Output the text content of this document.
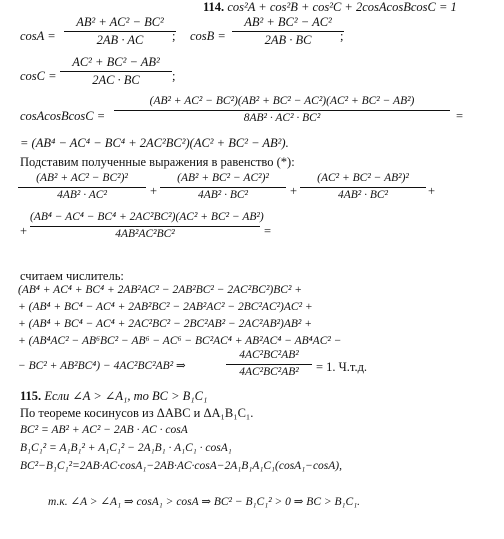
114. cos²A + cos²B + cos²C + 2cosAcosBcosC = 1
cosA =
AB² + AC² − BC²
2AB · AC	; cosB =
AB² + BC² − AC²
2AB · BC	;
cosC =
AC² + BC² − AB²
2AC · BC	;
cosAcosBcosC =
(AB² + AC² − BC²)(AB² + BC² − AC²)(AC² + BC² − AB²)
8AB² · AC² · BC²	=
= (AB⁴ − AC⁴ − BC⁴ + 2AC²BC²)(AC² + BC² − AB²).
Подставим полученные выражения в равенство (*):
(AB² + AC² − BC²)²
4AB² · AC²	+
(AB² + BC² − AC²)²
4AB² · BC²	+
(AC² + BC² − AB²)²
4AB² · BC²	+
+
(AB⁴ − AC⁴ − BC⁴ + 2AC²BC²)(AC² + BC² − AB²)
4AB²AC²BC²	=
считаем числитель:
(AB⁴ + AC⁴ + BC⁴ + 2AB²AC² − 2AB²BC² − 2AC²BC²)BC² +
+ (AB⁴ + BC⁴ − AC⁴ + 2AB²BC² − 2AB²AC² − 2BC²AC²)AC² +
+ (AB⁴ + BC⁴ − AC⁴ + 2AC²BC² − 2BC²AB² − 2AC²AB²)AB² +
+ (AB⁴AC² − AB⁶BC² − AB⁶ − AC⁶ − BC²AC⁴ + AB²AC⁴ − AB⁴AC² −
− BC² + AB²BC⁴) − 4AC²BC²AB² ⇒
4AC²BC²AB²
4AC²BC²AB²	= 1. Ч.т.д.
115. Если ∠A > ∠A₁, то BC > B₁C₁
По теореме косинусов из ΔABC и ΔA₁B₁C₁.
BC² = AB² + AC² − 2AB · AC · cosA
B₁C₁² = A₁B₁² + A₁C₁² − 2A₁B₁ · A₁C₁ · cosA₁
BC²−B₁C₁²=2AB·AC·cosA₁−2AB·AC·cosA−2A₁B₁A₁C₁(cosA₁−cosA),
т.к. ∠A > ∠A₁ ⇒ cosA₁ > cosA ⇒ BC² − B₁C₁² > 0 ⇒ BC > B₁C₁.
